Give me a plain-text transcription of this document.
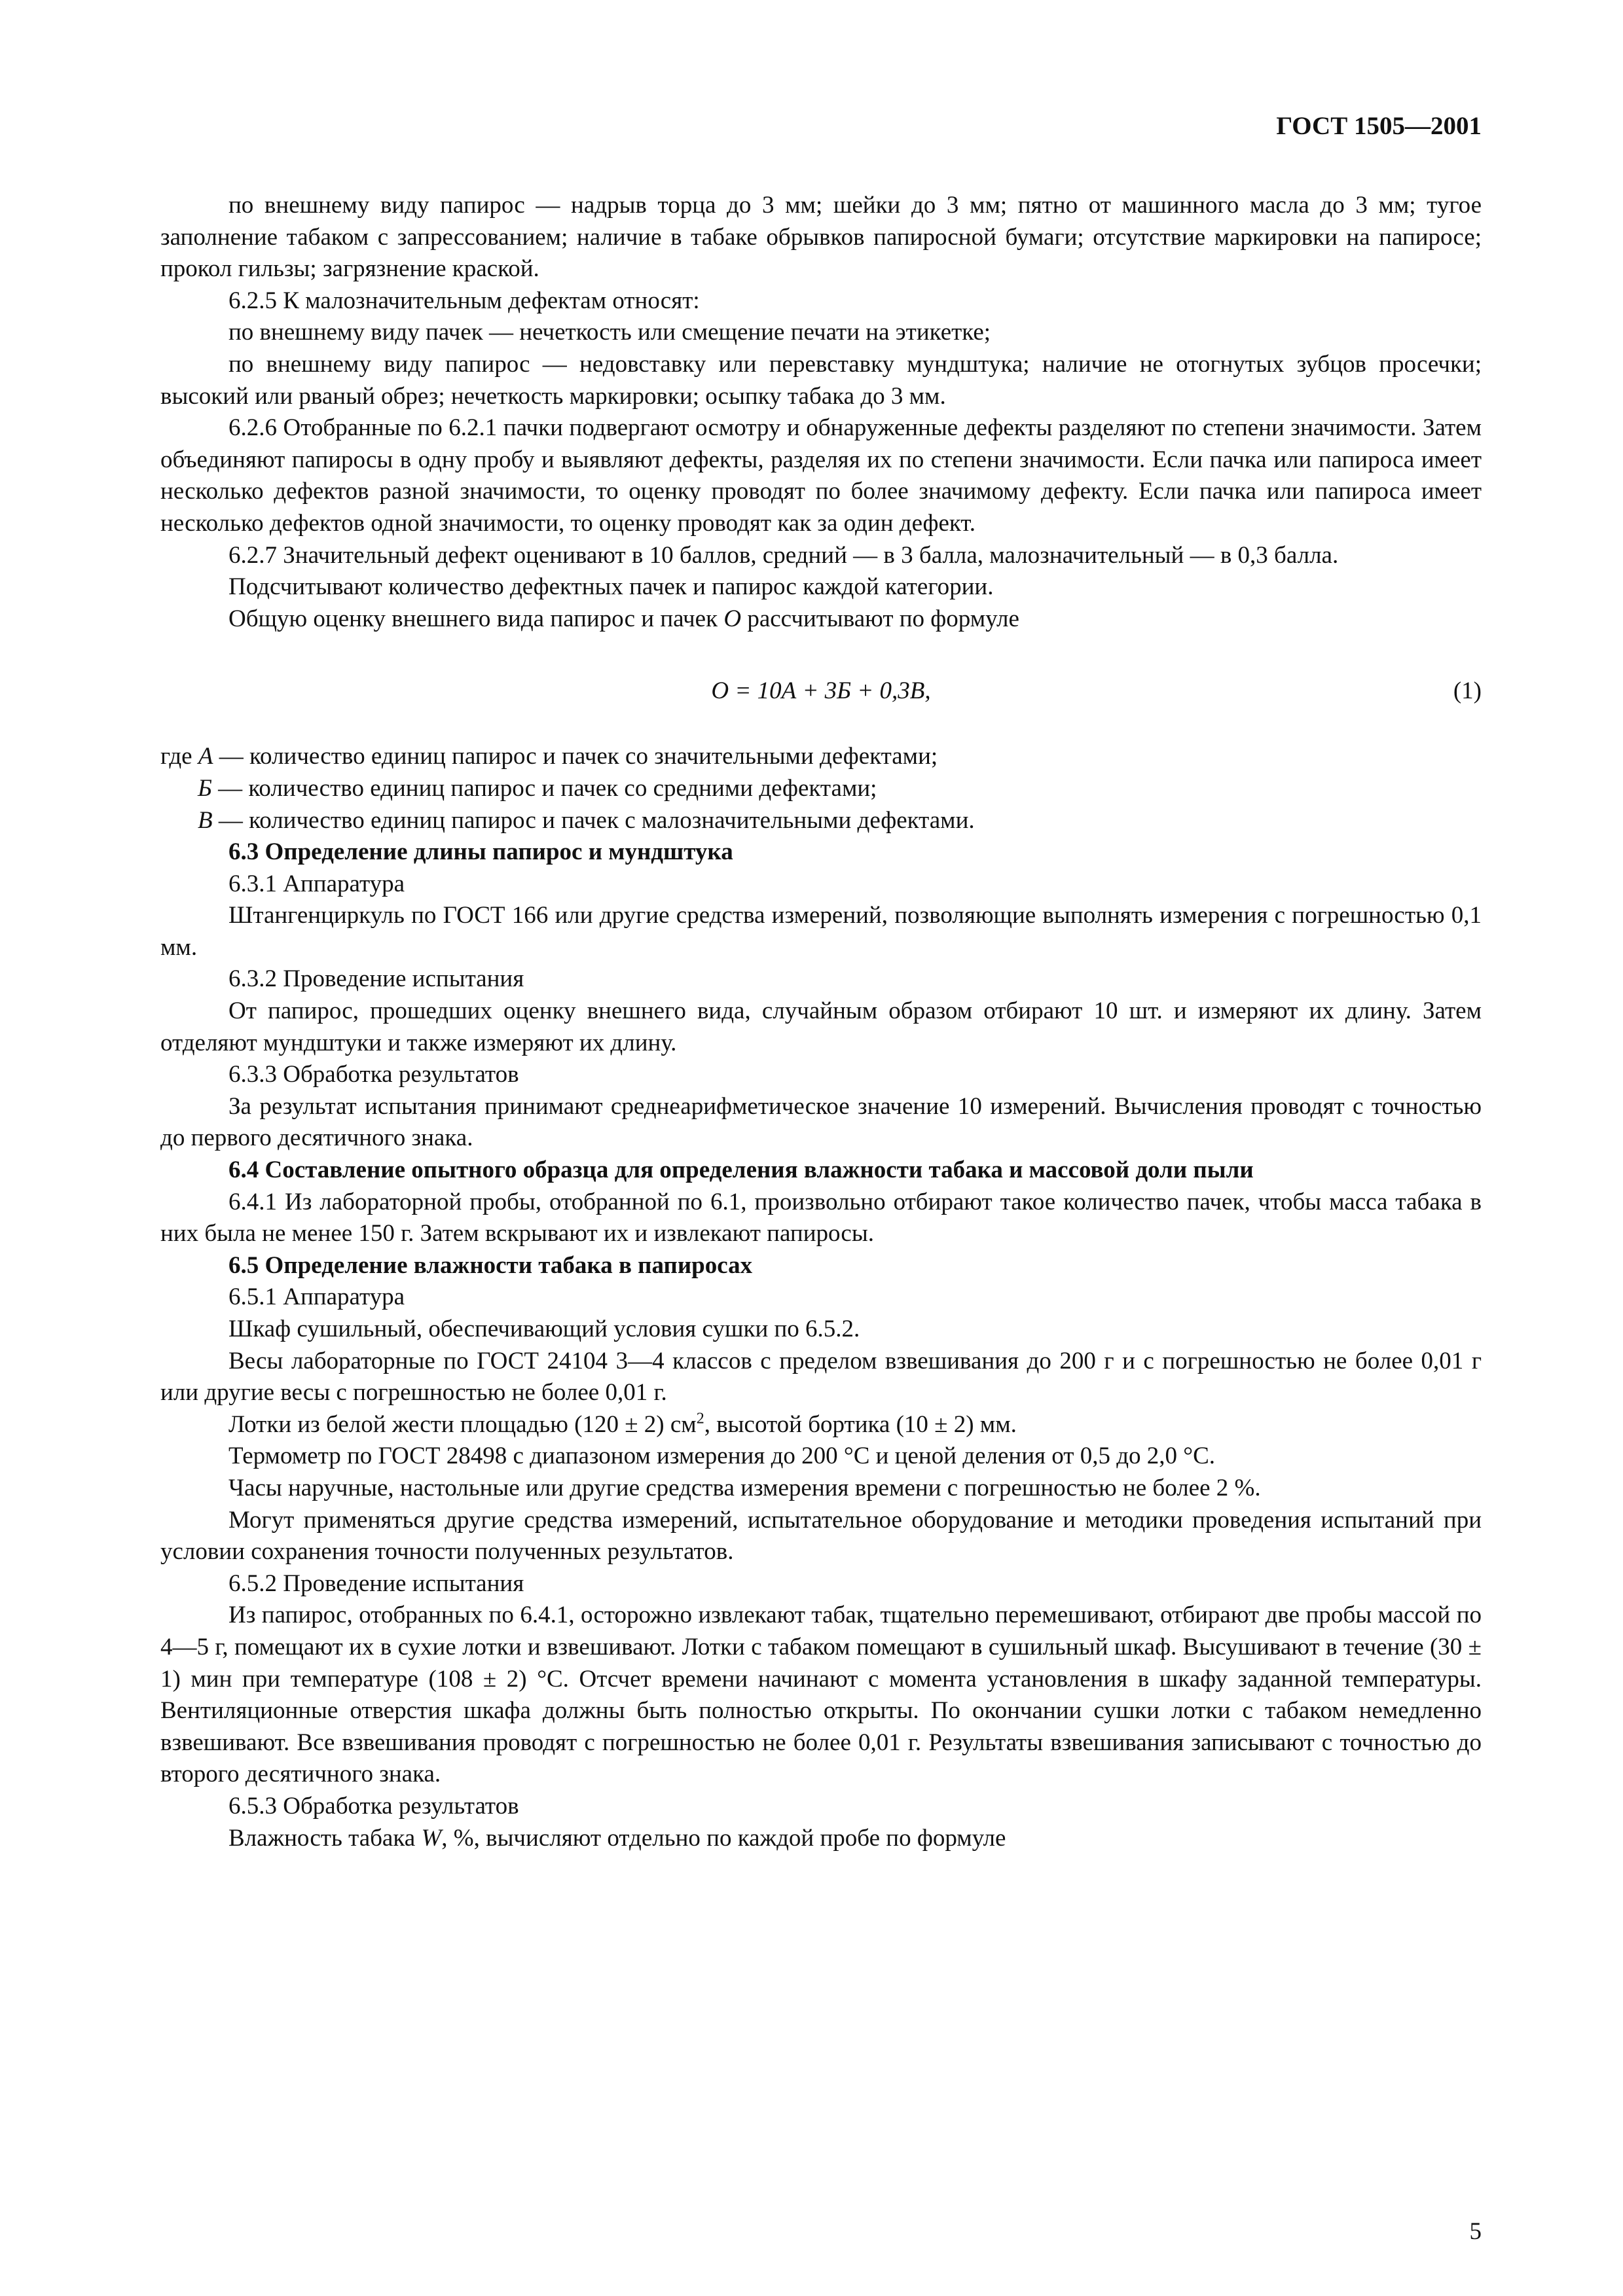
ГОСТ 1505—2001

по внешнему виду папирос — надрыв торца до 3 мм; шейки до 3 мм; пятно от машинного масла до 3 мм; тугое заполнение табаком с запрессованием; наличие в табаке обрывков папиросной бумаги; отсутствие маркировки на папиросе; прокол гильзы; загрязнение краской.

6.2.5 К малозначительным дефектам относят:

по внешнему виду пачек — нечеткость или смещение печати на этикетке;

по внешнему виду папирос — недовставку или перевставку мундштука; наличие не отогнутых зубцов просечки; высокий или рваный обрез; нечеткость маркировки; осыпку табака до 3 мм.

6.2.6 Отобранные по 6.2.1 пачки подвергают осмотру и обнаруженные дефекты разделяют по степени значимости. Затем объединяют папиросы в одну пробу и выявляют дефекты, разделяя их по степени значимости. Если пачка или папироса имеет несколько дефектов разной значимости, то оценку проводят по более значимому дефекту. Если пачка или папироса имеет несколько дефектов одной значимости, то оценку проводят как за один дефект.

6.2.7 Значительный дефект оценивают в 10 баллов, средний — в 3 балла, малозначительный — в 0,3 балла.

Подсчитывают количество дефектных пачек и папирос каждой категории.

Общую оценку внешнего вида папирос и пачек О рассчитывают по формуле

О = 10А + 3Б + 0,3В,	(1)
где А — количество единиц папирос и пачек со значительными дефектами;
Б — количество единиц папирос и пачек со средними дефектами;
В — количество единиц папирос и пачек с малозначительными дефектами.

6.3 Определение длины папирос и мундштука

6.3.1 Аппаратура

Штангенциркуль по ГОСТ 166 или другие средства измерений, позволяющие выполнять измерения с погрешностью 0,1 мм.

6.3.2 Проведение испытания

От папирос, прошедших оценку внешнего вида, случайным образом отбирают 10 шт. и измеряют их длину. Затем отделяют мундштуки и также измеряют их длину.

6.3.3 Обработка результатов

За результат испытания принимают среднеарифметическое значение 10 измерений. Вычисления проводят с точностью до первого десятичного знака.

6.4 Составление опытного образца для определения влажности табака и массовой доли пыли

6.4.1 Из лабораторной пробы, отобранной по 6.1, произвольно отбирают такое количество пачек, чтобы масса табака в них была не менее 150 г. Затем вскрывают их и извлекают папиросы.

6.5 Определение влажности табака в папиросах

6.5.1 Аппаратура

Шкаф сушильный, обеспечивающий условия сушки по 6.5.2.

Весы лабораторные по ГОСТ 24104 3—4 классов с пределом взвешивания до 200 г и с погрешностью не более 0,01 г или другие весы с погрешностью не более 0,01 г.

Лотки из белой жести площадью (120 ± 2) $см^2$, высотой бортика (10 ± 2) мм.

Термометр по ГОСТ 28498 с диапазоном измерения до 200 °С и ценой деления от 0,5 до 2,0 °С.

Часы наручные, настольные или другие средства измерения времени с погрешностью не более 2 %.

Могут применяться другие средства измерений, испытательное оборудование и методики проведения испытаний при условии сохранения точности полученных результатов.

6.5.2 Проведение испытания

Из папирос, отобранных по 6.4.1, осторожно извлекают табак, тщательно перемешивают, отбирают две пробы массой по 4—5 г, помещают их в сухие лотки и взвешивают. Лотки с табаком помещают в сушильный шкаф. Высушивают в течение (30 ± 1) мин при температуре (108 ± 2) °С. Отсчет времени начинают с момента установления в шкафу заданной температуры. Вентиляционные отверстия шкафа должны быть полностью открыты. По окончании сушки лотки с табаком немедленно взвешивают. Все взвешивания проводят с погрешностью не более 0,01 г. Результаты взвешивания записывают с точностью до второго десятичного знака.

6.5.3 Обработка результатов

Влажность табака W, %, вычисляют отдельно по каждой пробе по формуле

5
